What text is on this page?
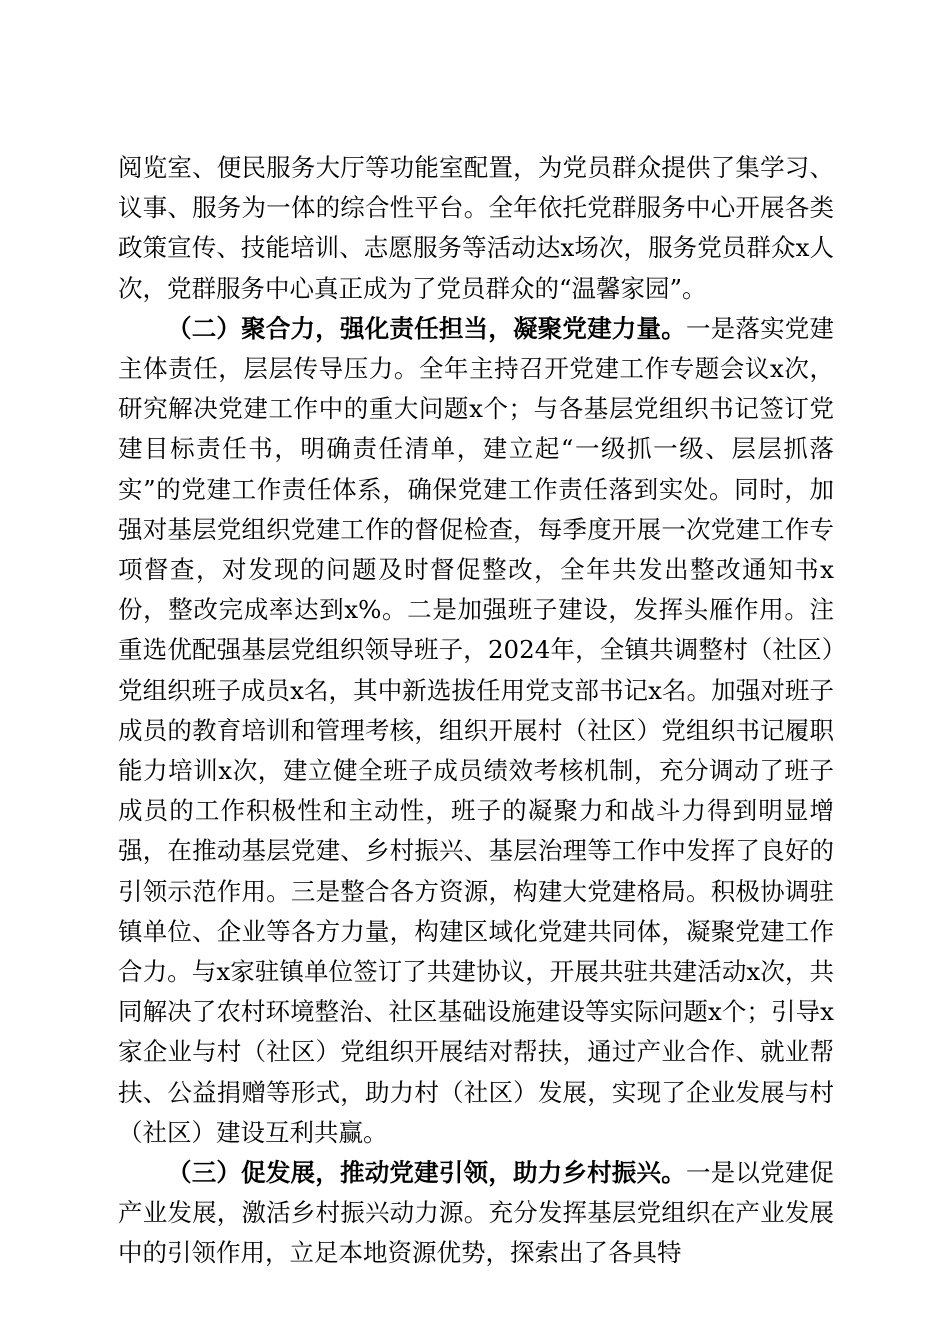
阅览室、便民服务大厅等功能室配置，为党员群众提供了集学习、议事、服务为一体的综合性平台。全年依托党群服务中心开展各类政策宣传、技能培训、志愿服务等活动达x场次，服务党员群众x人次，党群服务中心真正成为了党员群众的“温馨家园”。

（二）聚合力，强化责任担当，凝聚党建力量。一是落实党建主体责任，层层传导压力。全年主持召开党建工作专题会议x次，研究解决党建工作中的重大问题x个；与各基层党组织书记签订党建目标责任书，明确责任清单，建立起“一级抓一级、层层抓落实”的党建工作责任体系，确保党建工作责任落到实处。同时，加强对基层党组织党建工作的督促检查，每季度开展一次党建工作专项督查，对发现的问题及时督促整改，全年共发出整改通知书x份，整改完成率达到x%。二是加强班子建设，发挥头雁作用。注重选优配强基层党组织领导班子，2024年，全镇共调整村（社区）党组织班子成员x名，其中新选拔任用党支部书记x名。加强对班子成员的教育培训和管理考核，组织开展村（社区）党组织书记履职能力培训x次，建立健全班子成员绩效考核机制，充分调动了班子成员的工作积极性和主动性，班子的凝聚力和战斗力得到明显增强，在推动基层党建、乡村振兴、基层治理等工作中发挥了良好的引领示范作用。三是整合各方资源，构建大党建格局。积极协调驻镇单位、企业等各方力量，构建区域化党建共同体，凝聚党建工作合力。与x家驻镇单位签订了共建协议，开展共驻共建活动x次，共同解决了农村环境整治、社区基础设施建设等实际问题x个；引导x家企业与村（社区）党组织开展结对帮扶，通过产业合作、就业帮扶、公益捐赠等形式，助力村（社区）发展，实现了企业发展与村（社区）建设互利共赢。

（三）促发展，推动党建引领，助力乡村振兴。一是以党建促产业发展，激活乡村振兴动力源。充分发挥基层党组织在产业发展中的引领作用，立足本地资源优势，探索出了各具特
